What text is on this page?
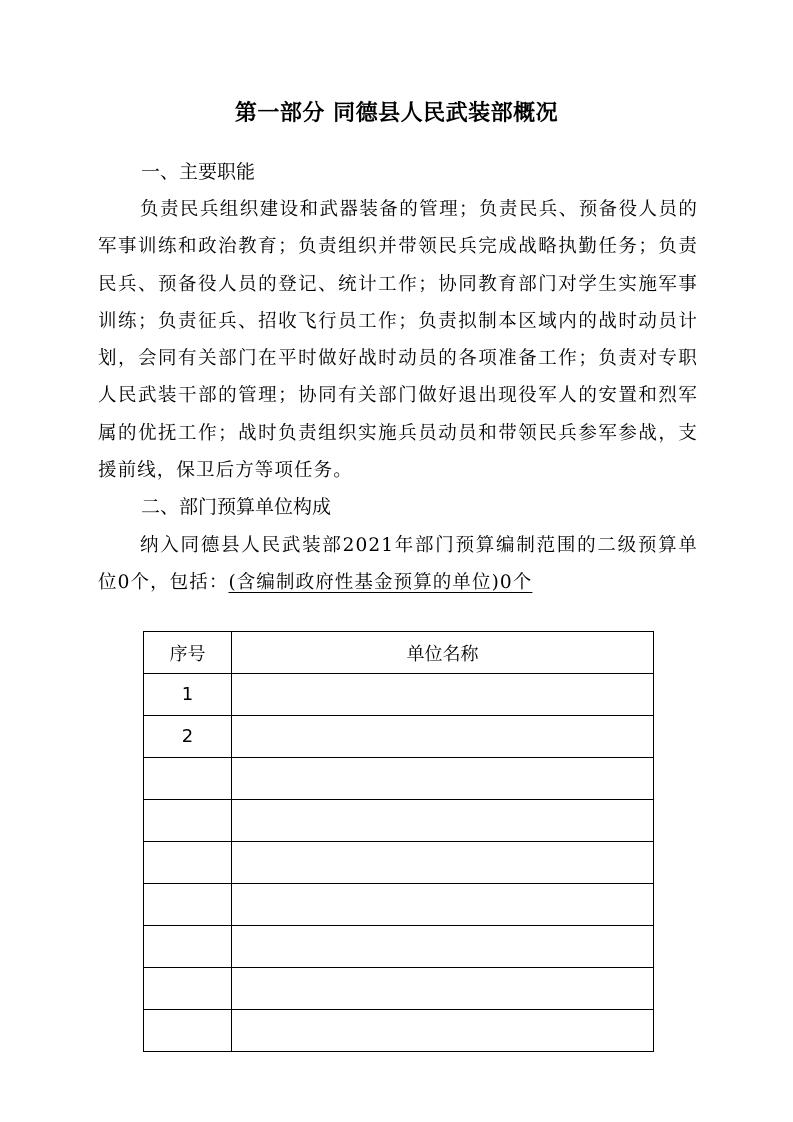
第一部分 同德县人民武装部概况
一、主要职能
负责民兵组织建设和武器装备的管理；负责民兵、预备役人员的军事训练和政治教育；负责组织并带领民兵完成战略执勤任务；负责民兵、预备役人员的登记、统计工作；协同教育部门对学生实施军事训练；负责征兵、招收飞行员工作；负责拟制本区域内的战时动员计划，会同有关部门在平时做好战时动员的各项准备工作；负责对专职人民武装干部的管理；协同有关部门做好退出现役军人的安置和烈军属的优抚工作；战时负责组织实施兵员动员和带领民兵参军参战，支援前线，保卫后方等项任务。
二、部门预算单位构成
纳入同德县人民武装部2021年部门预算编制范围的二级预算单位0个，包括：(含编制政府性基金预算的单位)0个
序号	单位名称
1	
2	
